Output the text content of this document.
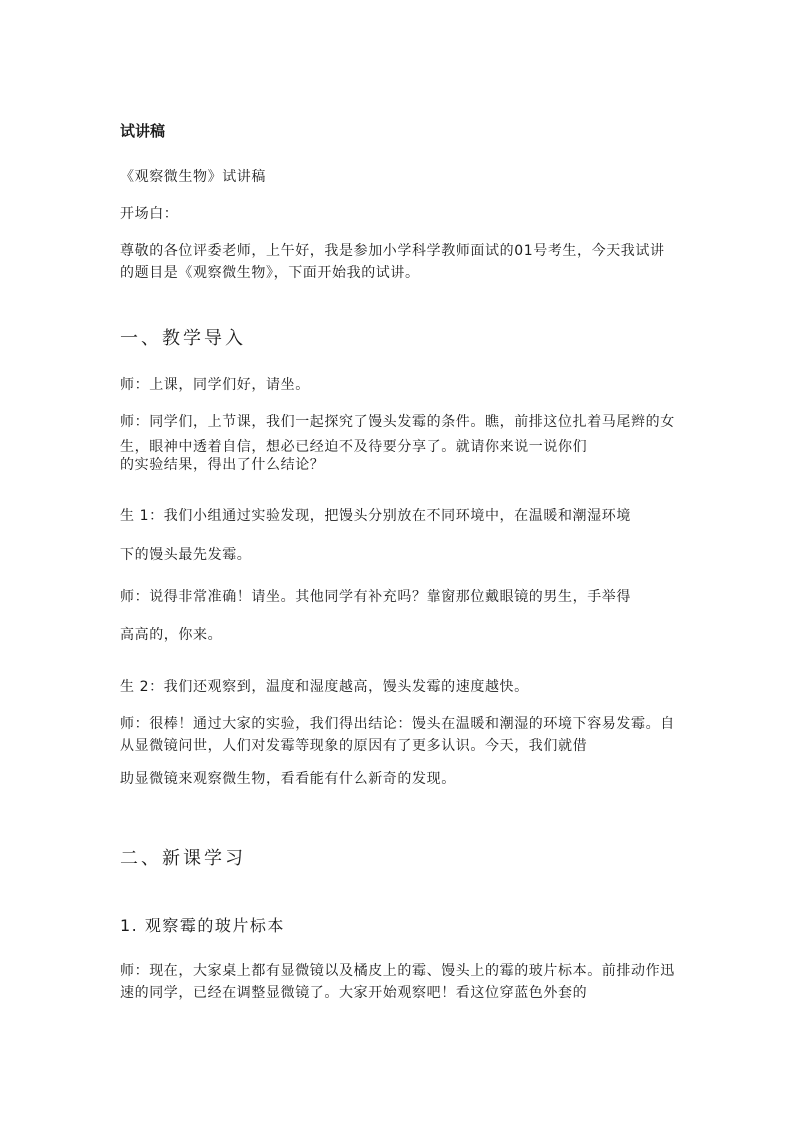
试讲稿

《观察微生物》试讲稿

开场白：

尊敬的各位评委老师，上午好，我是参加小学科学教师面试的01号考生，今天我试讲的题目是《观察微生物》，下面开始我的试讲。

一、教学导入

师：上课，同学们好，请坐。

师：同学们，上节课，我们一起探究了馒头发霉的条件。瞧，前排这位扎着马尾辫的女生，眼神中透着自信，想必已经迫不及待要分享了。就请你来说一说你们

的实验结果，得出了什么结论？

生 1：我们小组通过实验发现，把馒头分别放在不同环境中，在温暖和潮湿环境

下的馒头最先发霉。

师：说得非常准确！请坐。其他同学有补充吗？靠窗那位戴眼镜的男生，手举得

高高的，你来。

生 2：我们还观察到，温度和湿度越高，馒头发霉的速度越快。

师：很棒！通过大家的实验，我们得出结论：馒头在温暖和潮湿的环境下容易发霉。自从显微镜问世，人们对发霉等现象的原因有了更多认识。今天，我们就借

助显微镜来观察微生物，看看能有什么新奇的发现。

二、新课学习

1. 观察霉的玻片标本

师：现在，大家桌上都有显微镜以及橘皮上的霉、馒头上的霉的玻片标本。前排动作迅速的同学，已经在调整显微镜了。大家开始观察吧！看这位穿蓝色外套的
